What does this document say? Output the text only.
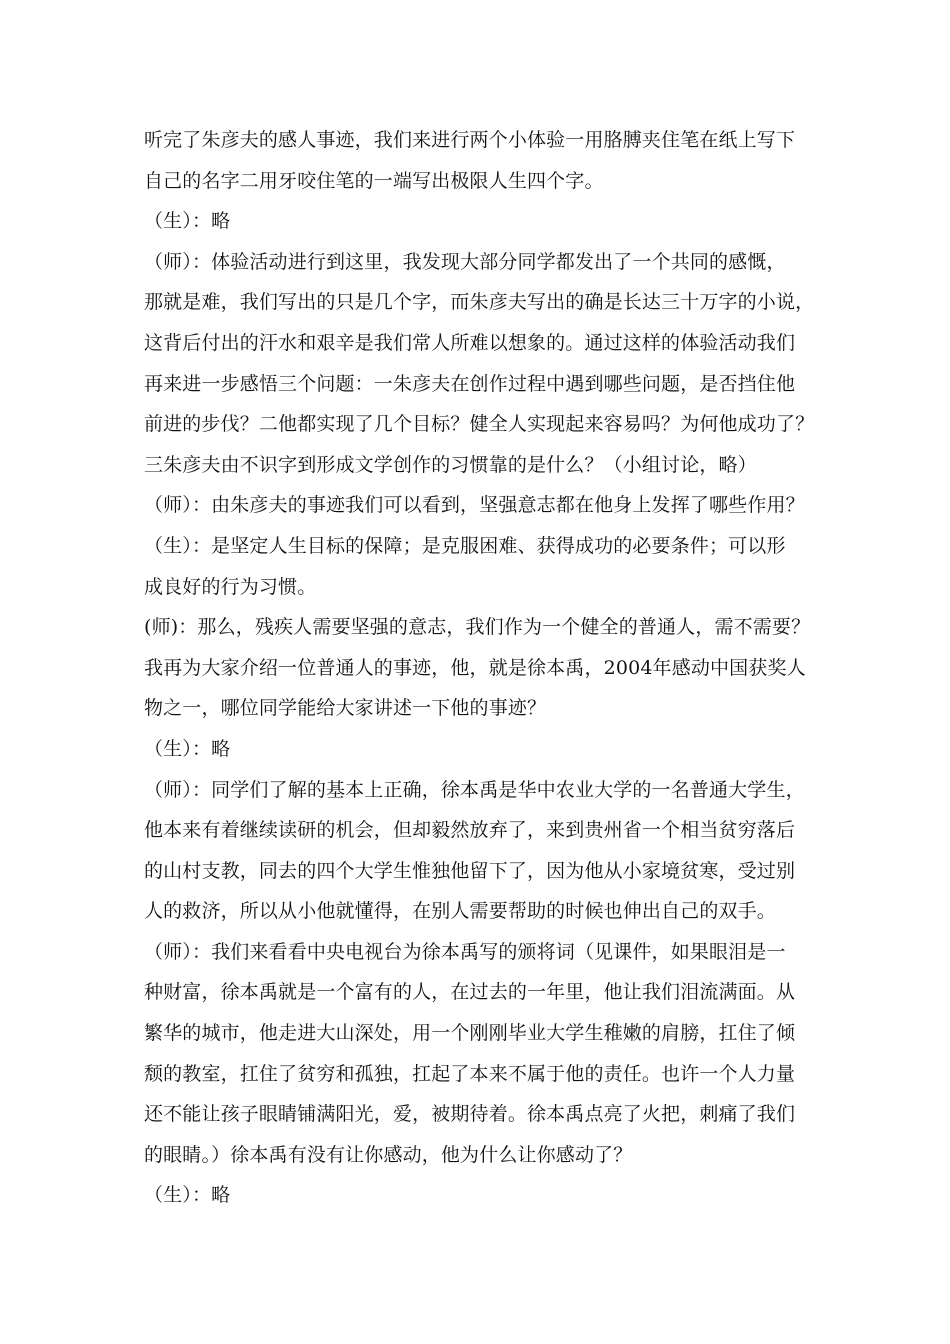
听完了朱彦夫的感人事迹，我们来进行两个小体验一用胳膊夹住笔在纸上写下
自己的名字二用牙咬住笔的一端写出极限人生四个字。
（生）：略
（师）：体验活动进行到这里，我发现大部分同学都发出了一个共同的感慨，
那就是难，我们写出的只是几个字，而朱彦夫写出的确是长达三十万字的小说，
这背后付出的汗水和艰辛是我们常人所难以想象的。通过这样的体验活动我们
再来进一步感悟三个问题：一朱彦夫在创作过程中遇到哪些问题，是否挡住他
前进的步伐？二他都实现了几个目标？健全人实现起来容易吗？为何他成功了？
三朱彦夫由不识字到形成文学创作的习惯靠的是什么？（小组讨论，略）
（师）：由朱彦夫的事迹我们可以看到，坚强意志都在他身上发挥了哪些作用？
（生）：是坚定人生目标的保障；是克服困难、获得成功的必要条件；可以形
成良好的行为习惯。
(师)：那么，残疾人需要坚强的意志，我们作为一个健全的普通人，需不需要？
我再为大家介绍一位普通人的事迹，他，就是徐本禹，2004年感动中国获奖人
物之一，哪位同学能给大家讲述一下他的事迹？
（生）：略
（师）：同学们了解的基本上正确，徐本禹是华中农业大学的一名普通大学生，
他本来有着继续读研的机会，但却毅然放弃了，来到贵州省一个相当贫穷落后
的山村支教，同去的四个大学生惟独他留下了，因为他从小家境贫寒，受过别
人的救济，所以从小他就懂得，在别人需要帮助的时候也伸出自己的双手。
（师）：我们来看看中央电视台为徐本禹写的颁将词（见课件，如果眼泪是一
种财富，徐本禹就是一个富有的人，在过去的一年里，他让我们泪流满面。从
繁华的城市，他走进大山深处，用一个刚刚毕业大学生稚嫩的肩膀，扛住了倾
颓的教室，扛住了贫穷和孤独，扛起了本来不属于他的责任。也许一个人力量
还不能让孩子眼睛铺满阳光，爱，被期待着。徐本禹点亮了火把，刺痛了我们
的眼睛。）徐本禹有没有让你感动，他为什么让你感动了？
（生）：略
